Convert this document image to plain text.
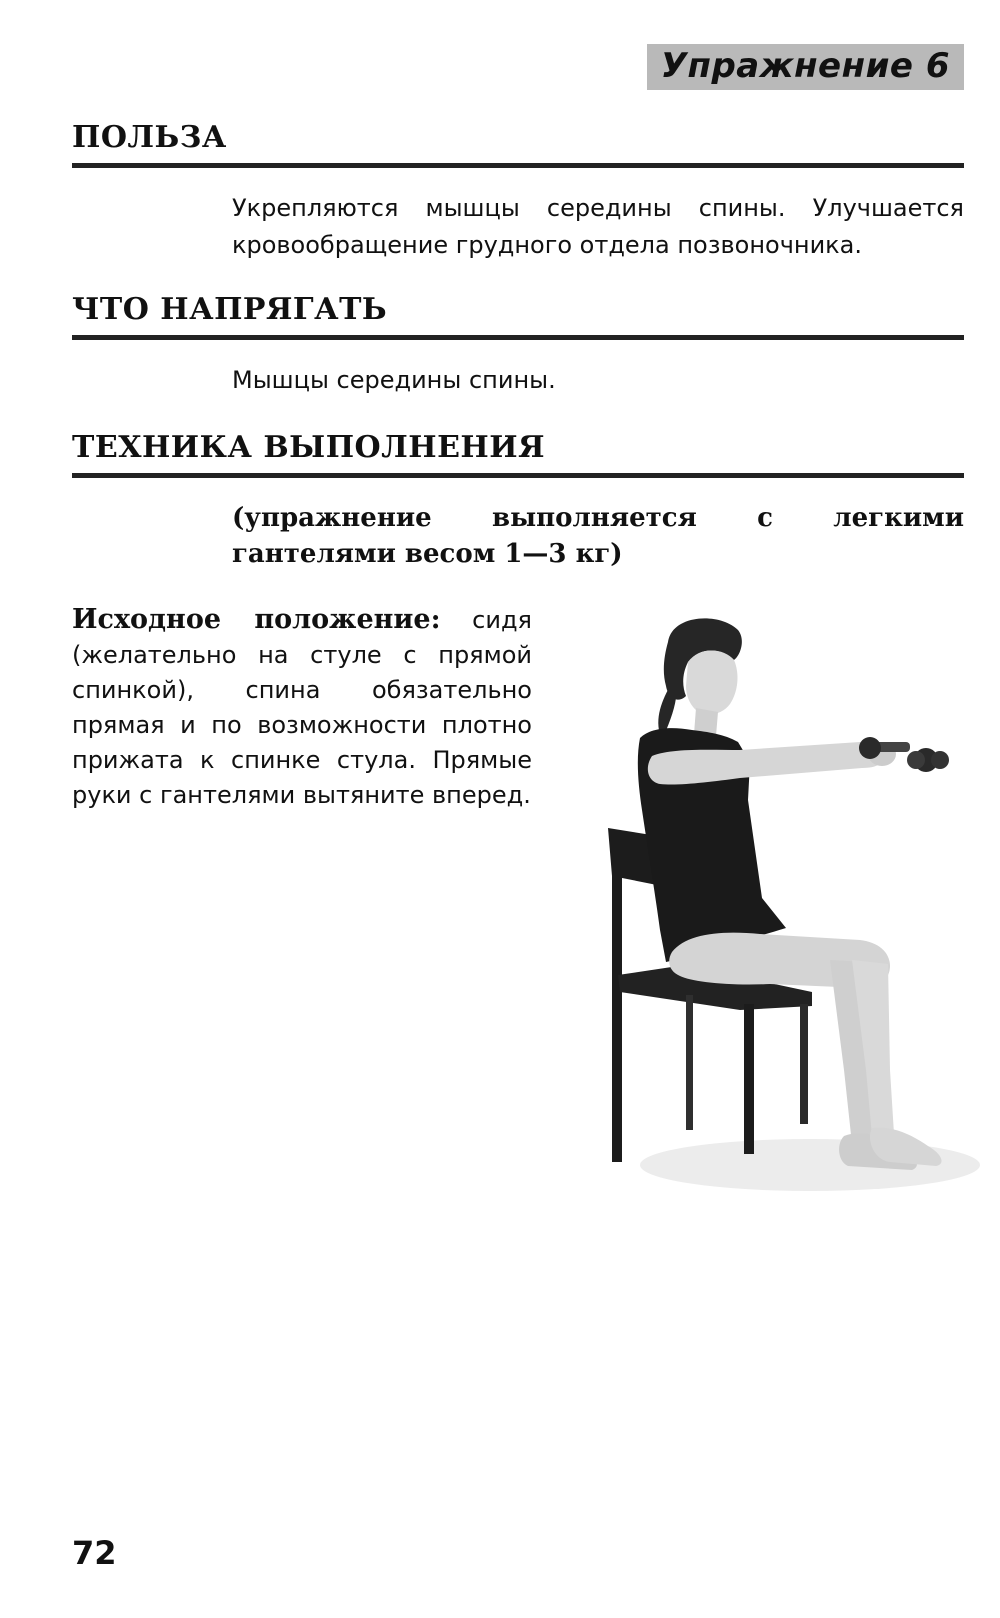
Упражнение 6
ПОЛЬЗА
Укрепляются мышцы середины спины. Улучшается кровообращение грудного отдела позвоночника.
ЧТО НАПРЯГАТЬ
Мышцы середины спины.
ТЕХНИКА ВЫПОЛНЕНИЯ
(упражнение выполняется с легкими гантелями весом 1—3 кг)
Исходное положение: сидя (желательно на стуле с прямой спинкой), спина обязательно прямая и по возможности плотно прижата к спинке стула. Прямые руки с гантелями вытяните вперед.
72
